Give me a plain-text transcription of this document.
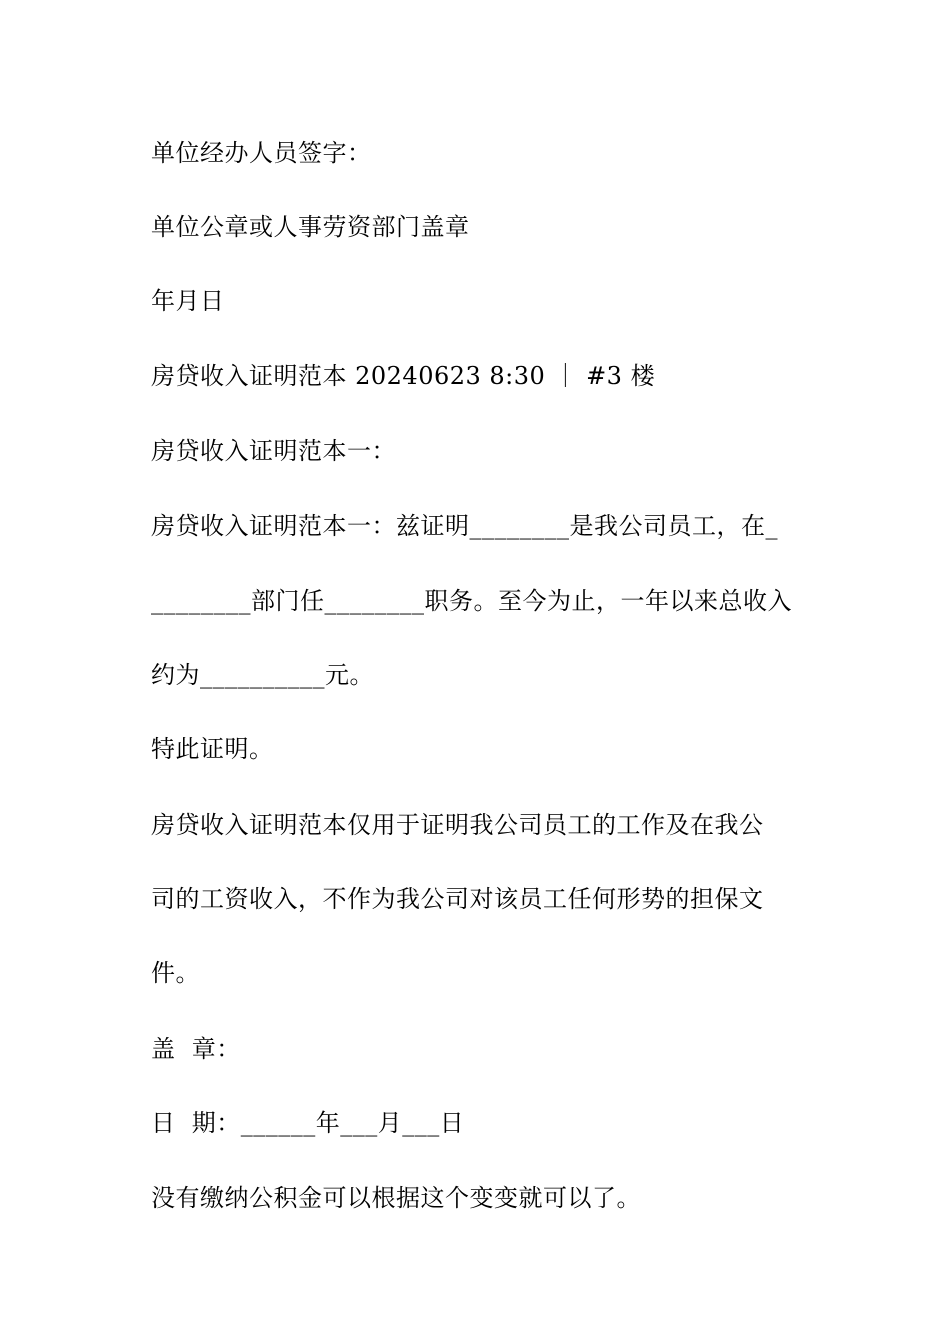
单位经办人员签字：
单位公章或人事劳资部门盖章
年月日
房贷收入证明范本 20240623 8:30 ｜ #3 楼
房贷收入证明范本一：
房贷收入证明范本一：兹证明________是我公司员工，在_
________部门任________职务。至今为止，一年以来总收入
约为__________元。
特此证明。
房贷收入证明范本仅用于证明我公司员工的工作及在我公
司的工资收入，不作为我公司对该员工任何形势的担保文
件。
盖  章：
日  期：______年___月___日
没有缴纳公积金可以根据这个变变就可以了。
